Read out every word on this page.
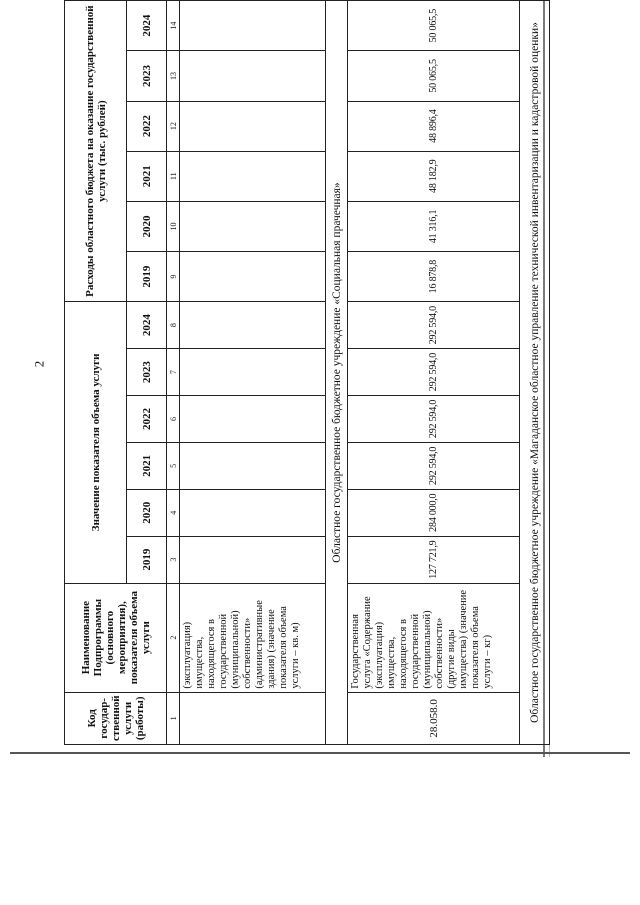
2
Код государ-ственной услуги (работы)	Наименование Подпрограммы (основного мероприятия), показателя объема услуги	Значение показателя объема услуги						Расходы областного бюджета на оказание государственной услуги (тыс. рублей)					
		2019	2020	2021	2022	2023	2024	2019	2020	2021	2022	2023	2024
1	2	3	4	5	6	7	8	9	10	11	12	13	14
	(эксплуатация) имущества, находящегося в государственной (муниципальной) собственности» (административные здания) (значение показателя объема услуги – кв. м)												
Областное государственное бюджетное учреждение «Социальная прачечная»													
28.058.0	Государственная услуга «Содержание (эксплуатация) имущества, находящегося в государственной (муниципальной) собственности» (другие виды имущества) (значение показателя объема услуги – кг)	127 721,9	284 000,0	292 594,0	292 594,0	292 594,0	292 594,0	16 878,8	41 316,1	48 182,9	48 896,4	50 065,5	50 065,5
Областное государственное бюджетное учреждение «Магаданское областное управление технической инвентаризации и кадастровой оценки»													
